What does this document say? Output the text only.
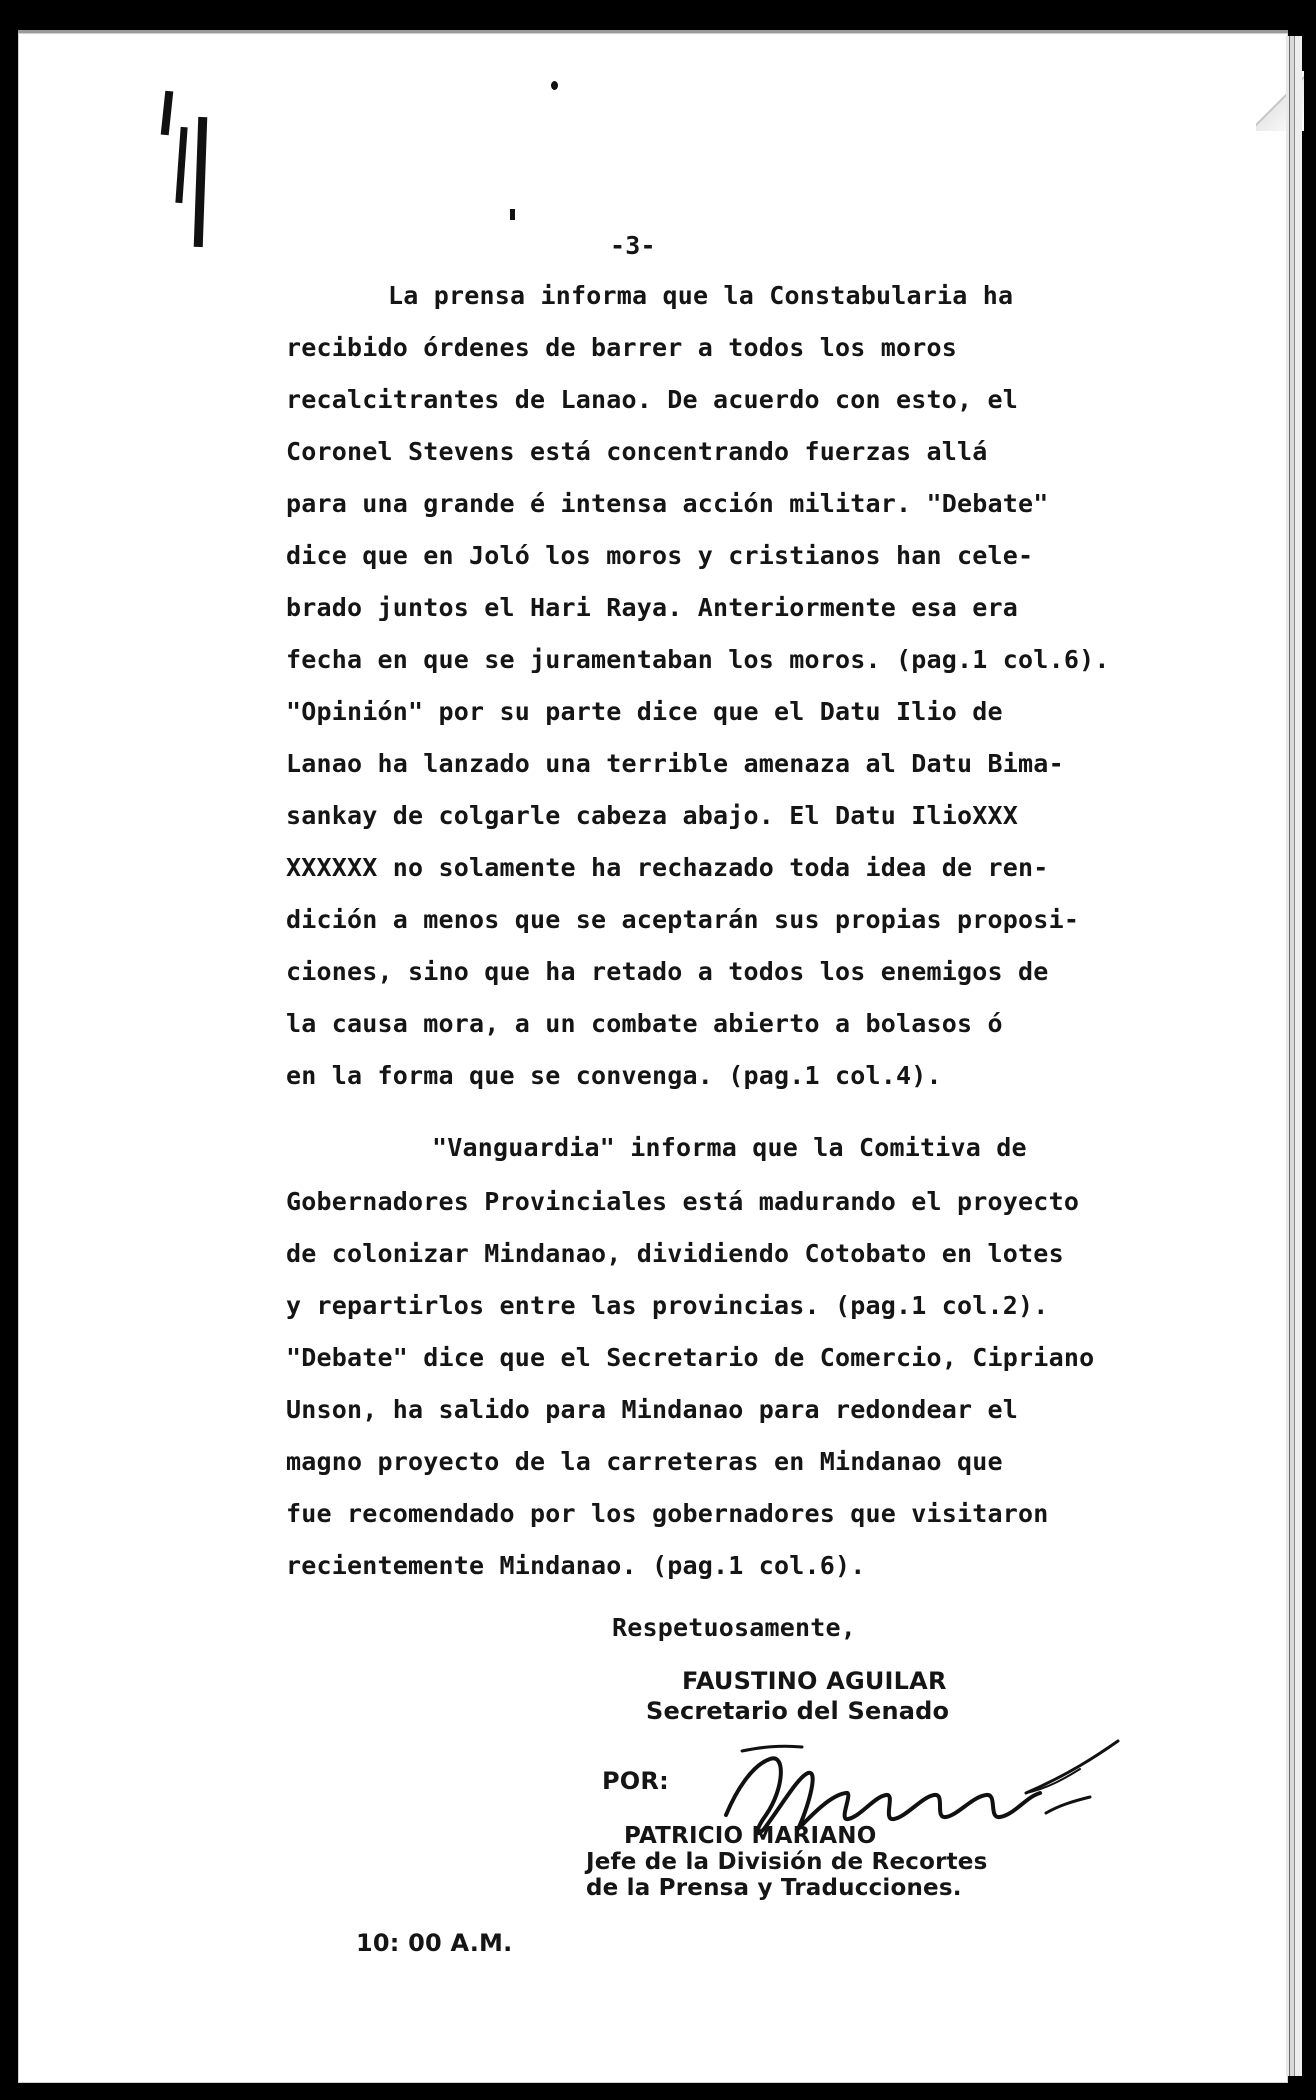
-3-
La prensa informa que la Constabularia ha
recibido órdenes de barrer a todos los moros
recalcitrantes de Lanao. De acuerdo con esto, el
Coronel Stevens está concentrando fuerzas allá
para una grande é intensa acción militar. "Debate"
dice que en Joló los moros y cristianos han cele-
brado juntos el Hari Raya. Anteriormente esa era
fecha en que se juramentaban los moros. (pag.1 col.6).
"Opinión" por su parte dice que el Datu Ilio de
Lanao ha lanzado una terrible amenaza al Datu Bima-
sankay de colgarle cabeza abajo. El Datu IlioXXX
XXXXXX no solamente ha rechazado toda idea de ren-
dición a menos que se aceptarán sus propias proposi-
ciones, sino que ha retado a todos los enemigos de
la causa mora, a un combate abierto a bolasos ó
en la forma que se convenga. (pag.1 col.4).
"Vanguardia" informa que la Comitiva de
Gobernadores Provinciales está madurando el proyecto
de colonizar Mindanao, dividiendo Cotobato en lotes
y repartirlos entre las provincias. (pag.1 col.2).
"Debate" dice que el Secretario de Comercio, Cipriano
Unson, ha salido para Mindanao para redondear el
magno proyecto de la carreteras en Mindanao que
fue recomendado por los gobernadores que visitaron
recientemente Mindanao. (pag.1 col.6).
Respetuosamente,
FAUSTINO AGUILAR
Secretario del Senado
POR:
PATRICIO MARIANO
Jefe de la División de Recortes
de la Prensa y Traducciones.
10: 00 A.M.
